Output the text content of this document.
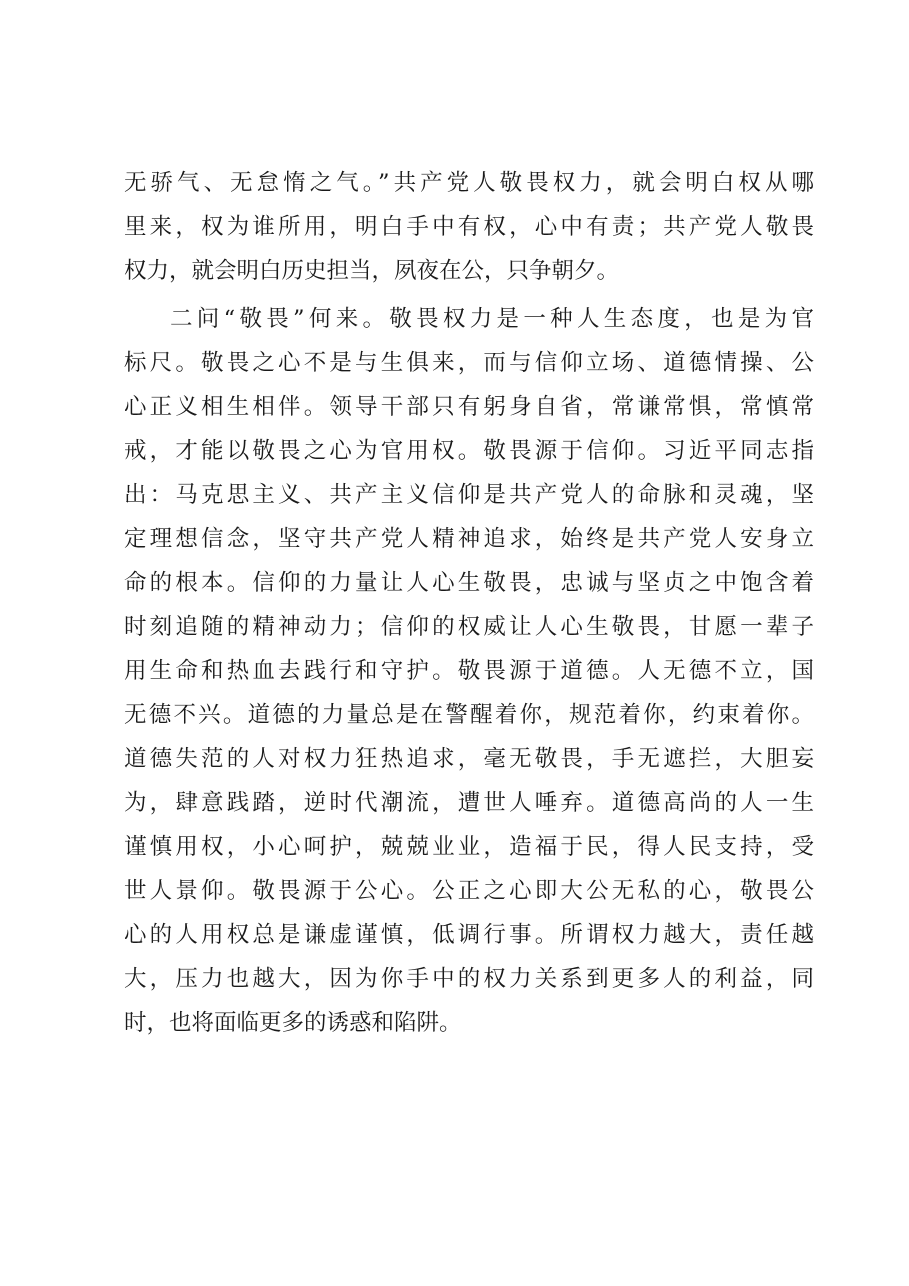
无骄气、无怠惰之气。”共产党人敬畏权力，就会明白权从哪
里来，权为谁所用，明白手中有权，心中有责；共产党人敬畏
权力，就会明白历史担当，夙夜在公，只争朝夕。
二问“敬畏”何来。敬畏权力是一种人生态度，也是为官
标尺。敬畏之心不是与生俱来，而与信仰立场、道德情操、公
心正义相生相伴。领导干部只有躬身自省，常谦常惧，常慎常
戒，才能以敬畏之心为官用权。敬畏源于信仰。习近平同志指
出：马克思主义、共产主义信仰是共产党人的命脉和灵魂，坚
定理想信念，坚守共产党人精神追求，始终是共产党人安身立
命的根本。信仰的力量让人心生敬畏，忠诚与坚贞之中饱含着
时刻追随的精神动力；信仰的权威让人心生敬畏，甘愿一辈子
用生命和热血去践行和守护。敬畏源于道德。人无德不立，国
无德不兴。道德的力量总是在警醒着你，规范着你，约束着你。
道德失范的人对权力狂热追求，毫无敬畏，手无遮拦，大胆妄
为，肆意践踏，逆时代潮流，遭世人唾弃。道德高尚的人一生
谨慎用权，小心呵护，兢兢业业，造福于民，得人民支持，受
世人景仰。敬畏源于公心。公正之心即大公无私的心，敬畏公
心的人用权总是谦虚谨慎，低调行事。所谓权力越大，责任越
大，压力也越大，因为你手中的权力关系到更多人的利益，同
时，也将面临更多的诱惑和陷阱。
